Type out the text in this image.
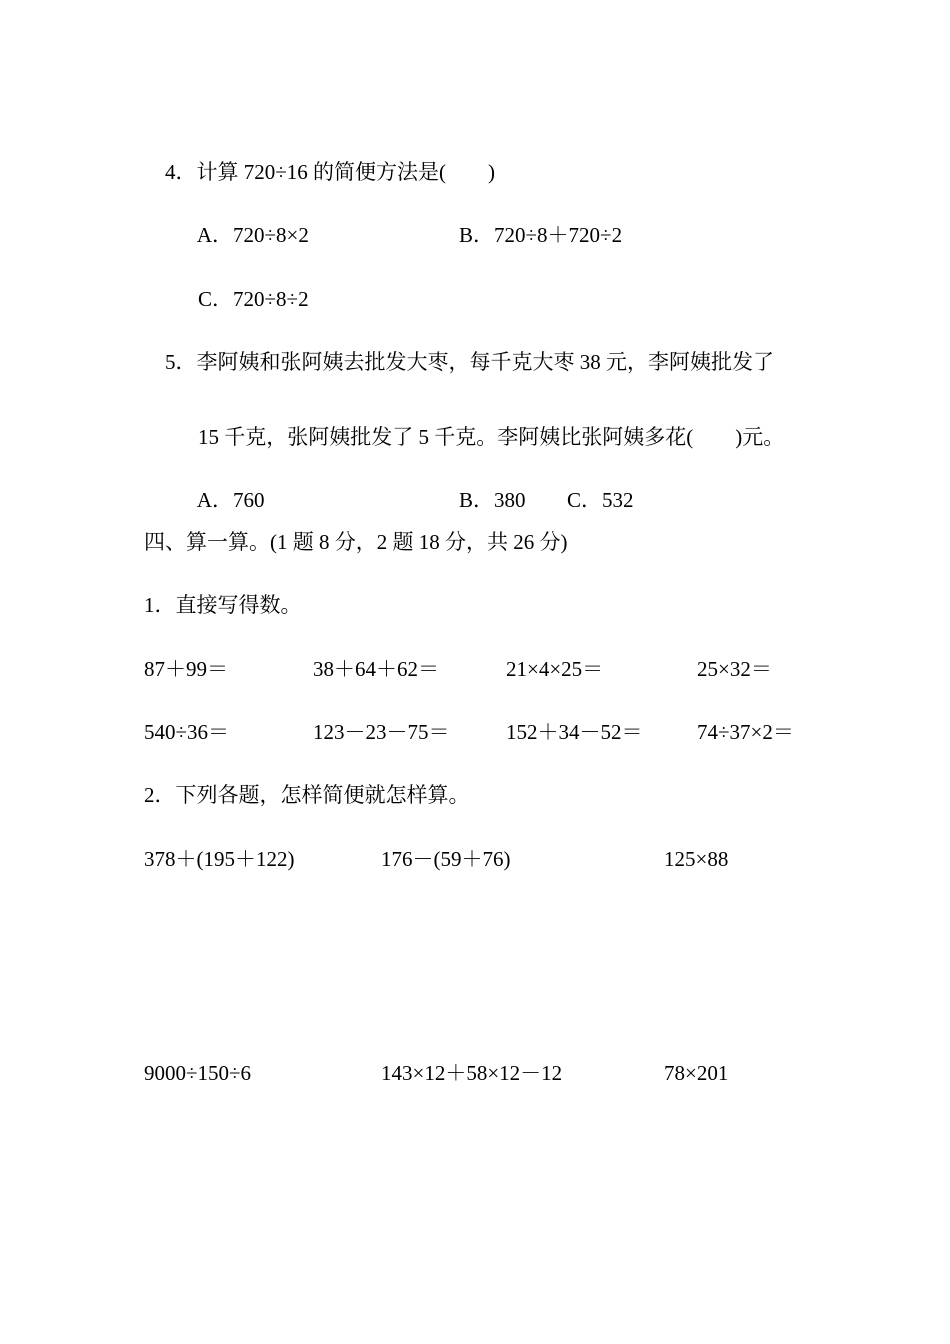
4．计算 720÷16 的简便方法是(　　)

A．720÷8×2
	B．720÷8＋720÷2

C．720÷8÷2

5．李阿姨和张阿姨去批发大枣，每千克大枣 38 元，李阿姨批发了

15 千克，张阿姨批发了 5 千克。李阿姨比张阿姨多花(　　)元。

A．760
	B．380
	C．532

四、算一算。(1 题 8 分，2 题 18 分，共 26 分)
1．直接写得数。
87＋99＝	38＋64＋62＝	21×4×25＝	25×32＝
540÷36＝	123－23－75＝	152＋34－52＝	74÷37×2＝
2．下列各题，怎样简便就怎样算。
378＋(195＋122)	176－(59＋76)	125×88
9000÷150÷6	143×12＋58×12－12	78×201
